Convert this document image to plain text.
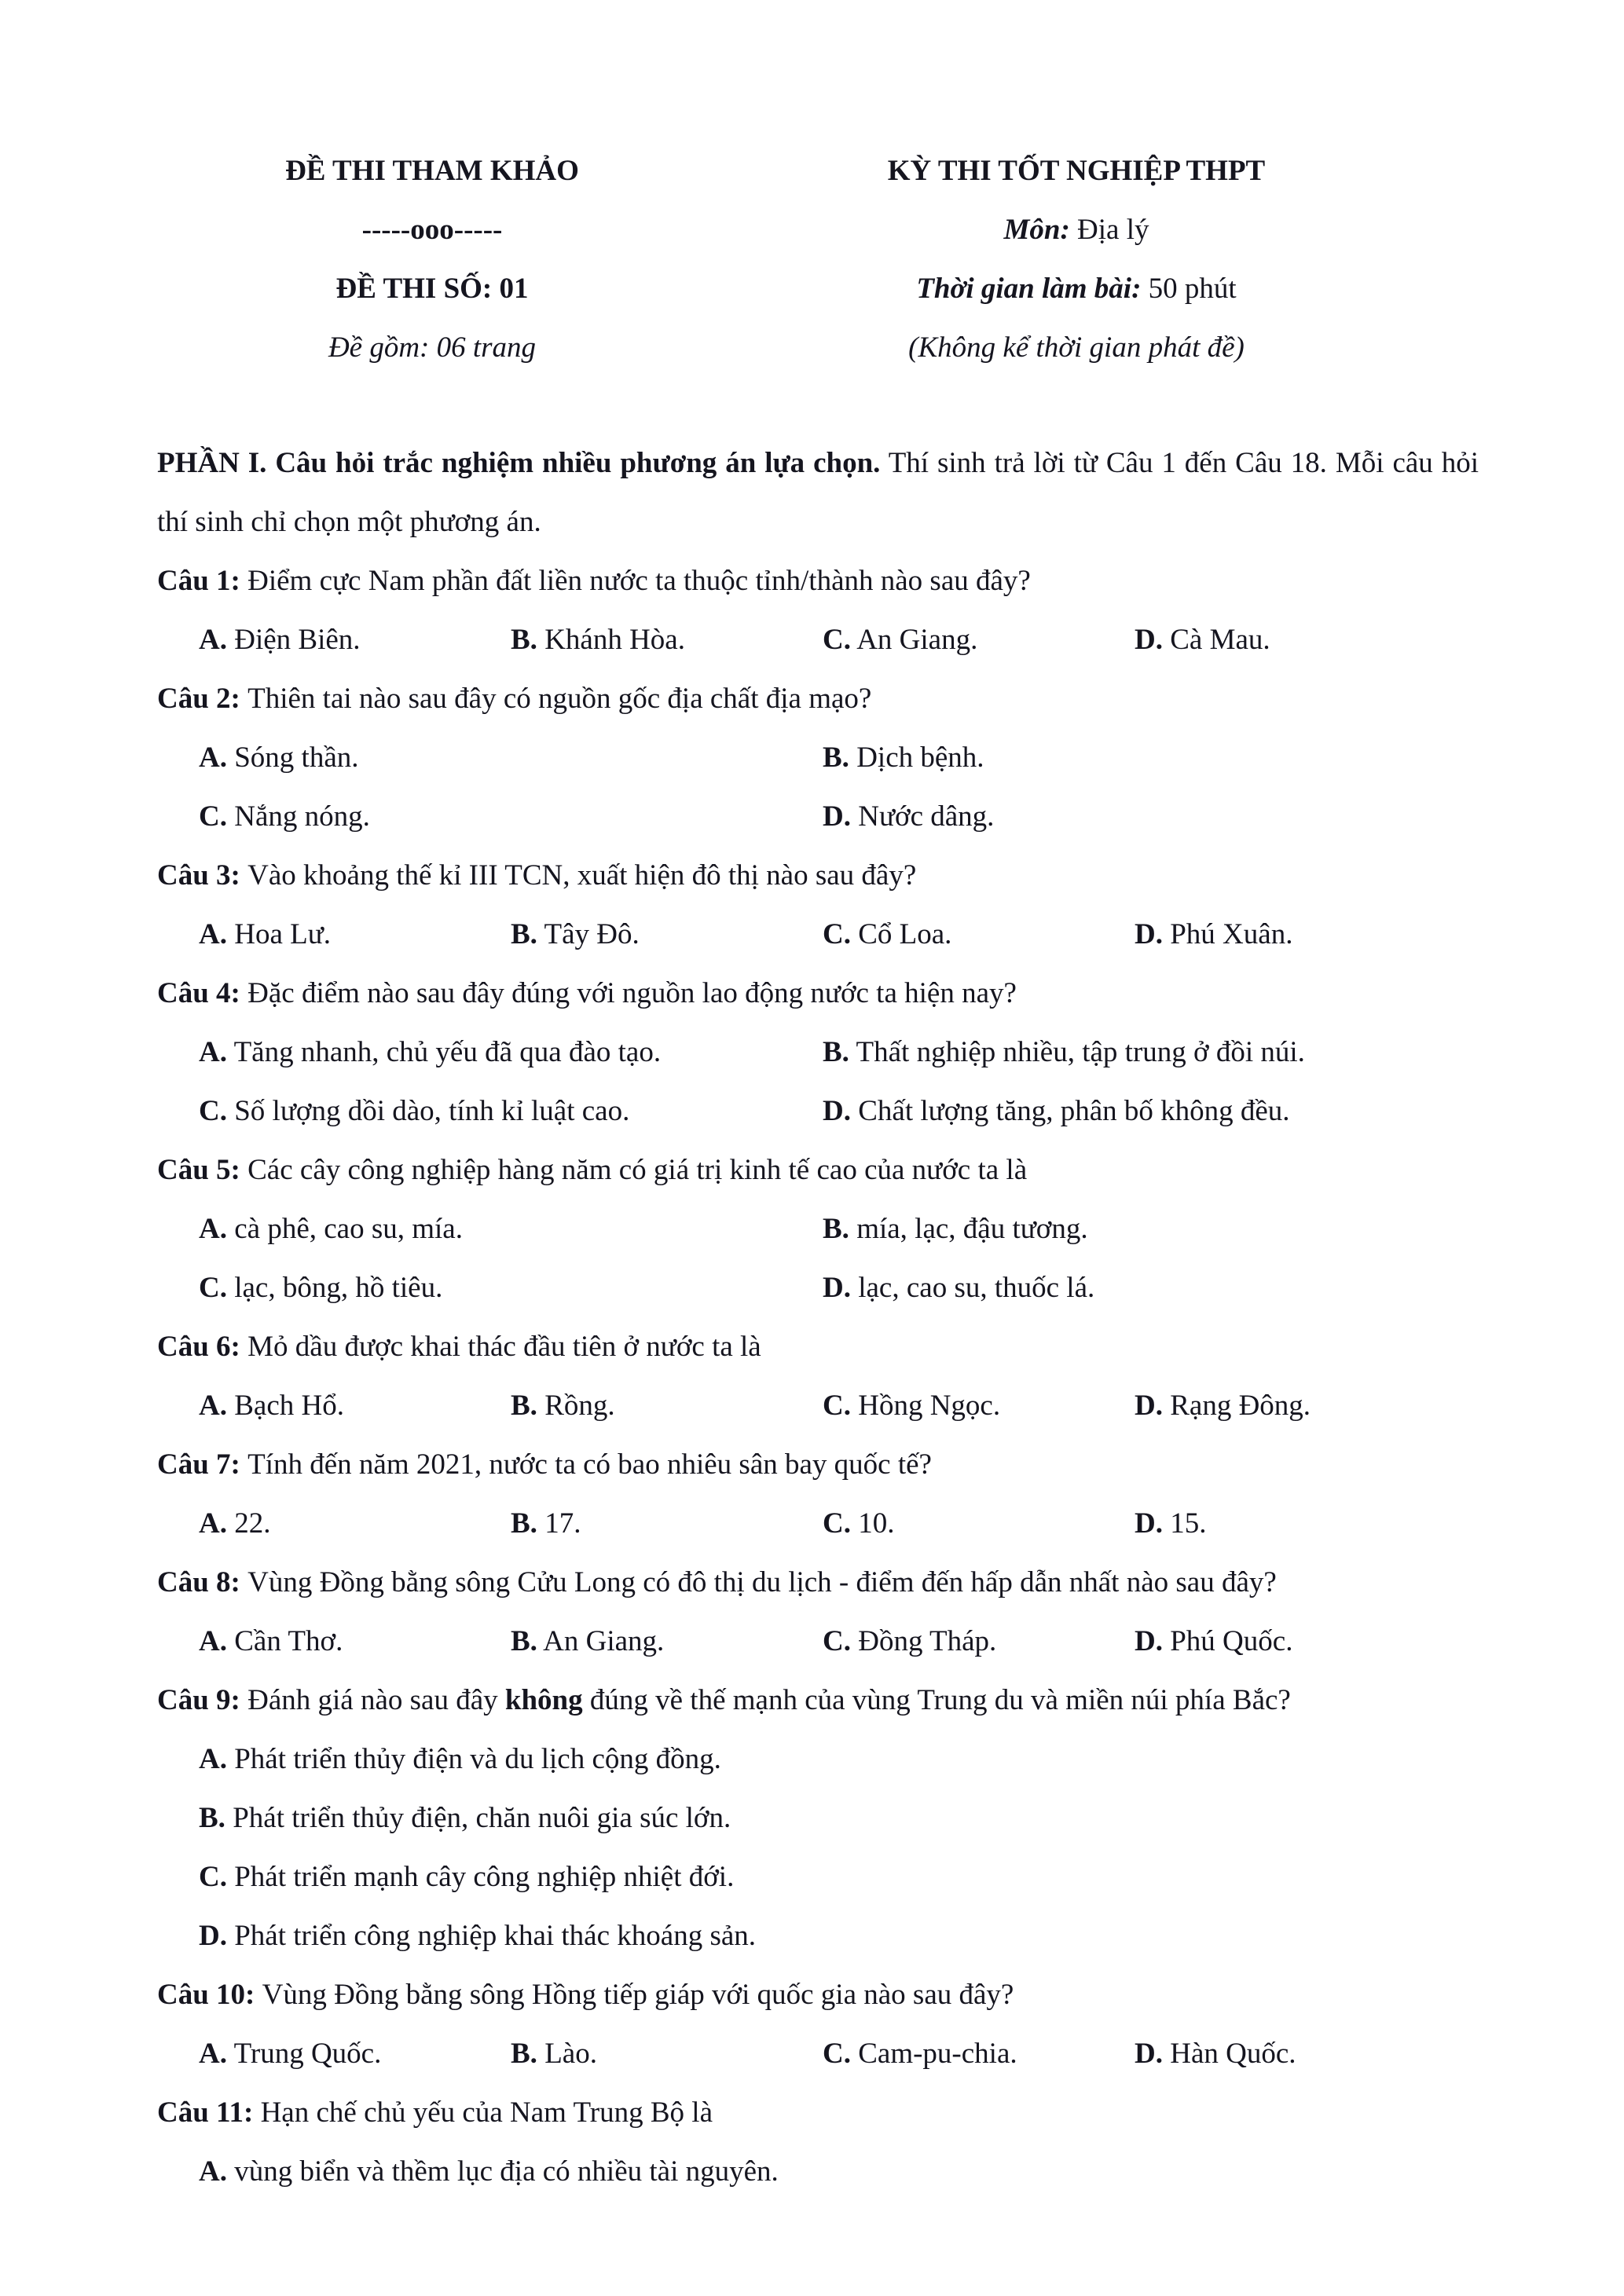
ĐỀ THI THAM KHẢO
-----ooo-----
ĐỀ THI SỐ: 01
Đề gồm: 06 trang
KỲ THI TỐT NGHIỆP THPT
Môn: Địa lý
Thời gian làm bài: 50 phút
(Không kể thời gian phát đề)
PHẦN I. Câu hỏi trắc nghiệm nhiều phương án lựa chọn. Thí sinh trả lời từ Câu 1 đến Câu 18. Mỗi câu hỏi thí sinh chỉ chọn một phương án.
Câu 1: Điểm cực Nam phần đất liền nước ta thuộc tỉnh/thành nào sau đây?
A. Điện Biên.	B. Khánh Hòa.	C. An Giang.	D. Cà Mau.
Câu 2: Thiên tai nào sau đây có nguồn gốc địa chất địa mạo?
A. Sóng thần.	B. Dịch bệnh.
C. Nắng nóng.	D. Nước dâng.
Câu 3: Vào khoảng thế kỉ III TCN, xuất hiện đô thị nào sau đây?
A. Hoa Lư.	B. Tây Đô.	C. Cổ Loa.	D. Phú Xuân.
Câu 4: Đặc điểm nào sau đây đúng với nguồn lao động nước ta hiện nay?
A. Tăng nhanh, chủ yếu đã qua đào tạo.	B. Thất nghiệp nhiều, tập trung ở đồi núi.
C. Số lượng dồi dào, tính kỉ luật cao.	D. Chất lượng tăng, phân bố không đều.
Câu 5: Các cây công nghiệp hàng năm có giá trị kinh tế cao của nước ta là
A. cà phê, cao su, mía.	B. mía, lạc, đậu tương.
C. lạc, bông, hồ tiêu.	D. lạc, cao su, thuốc lá.
Câu 6: Mỏ dầu được khai thác đầu tiên ở nước ta là
A. Bạch Hổ.	B. Rồng.	C. Hồng Ngọc.	D. Rạng Đông.
Câu 7: Tính đến năm 2021, nước ta có bao nhiêu sân bay quốc tế?
A. 22.	B. 17.	C. 10.	D. 15.
Câu 8: Vùng Đồng bằng sông Cửu Long có đô thị du lịch - điểm đến hấp dẫn nhất nào sau đây?
A. Cần Thơ.	B. An Giang.	C. Đồng Tháp.	D. Phú Quốc.
Câu 9: Đánh giá nào sau đây không đúng về thế mạnh của vùng Trung du và miền núi phía Bắc?
A. Phát triển thủy điện và du lịch cộng đồng.
B. Phát triển thủy điện, chăn nuôi gia súc lớn.
C. Phát triển mạnh cây công nghiệp nhiệt đới.
D. Phát triển công nghiệp khai thác khoáng sản.
Câu 10: Vùng Đồng bằng sông Hồng tiếp giáp với quốc gia nào sau đây?
A. Trung Quốc.	B. Lào.	C. Cam-pu-chia.	D. Hàn Quốc.
Câu 11: Hạn chế chủ yếu của Nam Trung Bộ là
A. vùng biển và thềm lục địa có nhiều tài nguyên.
